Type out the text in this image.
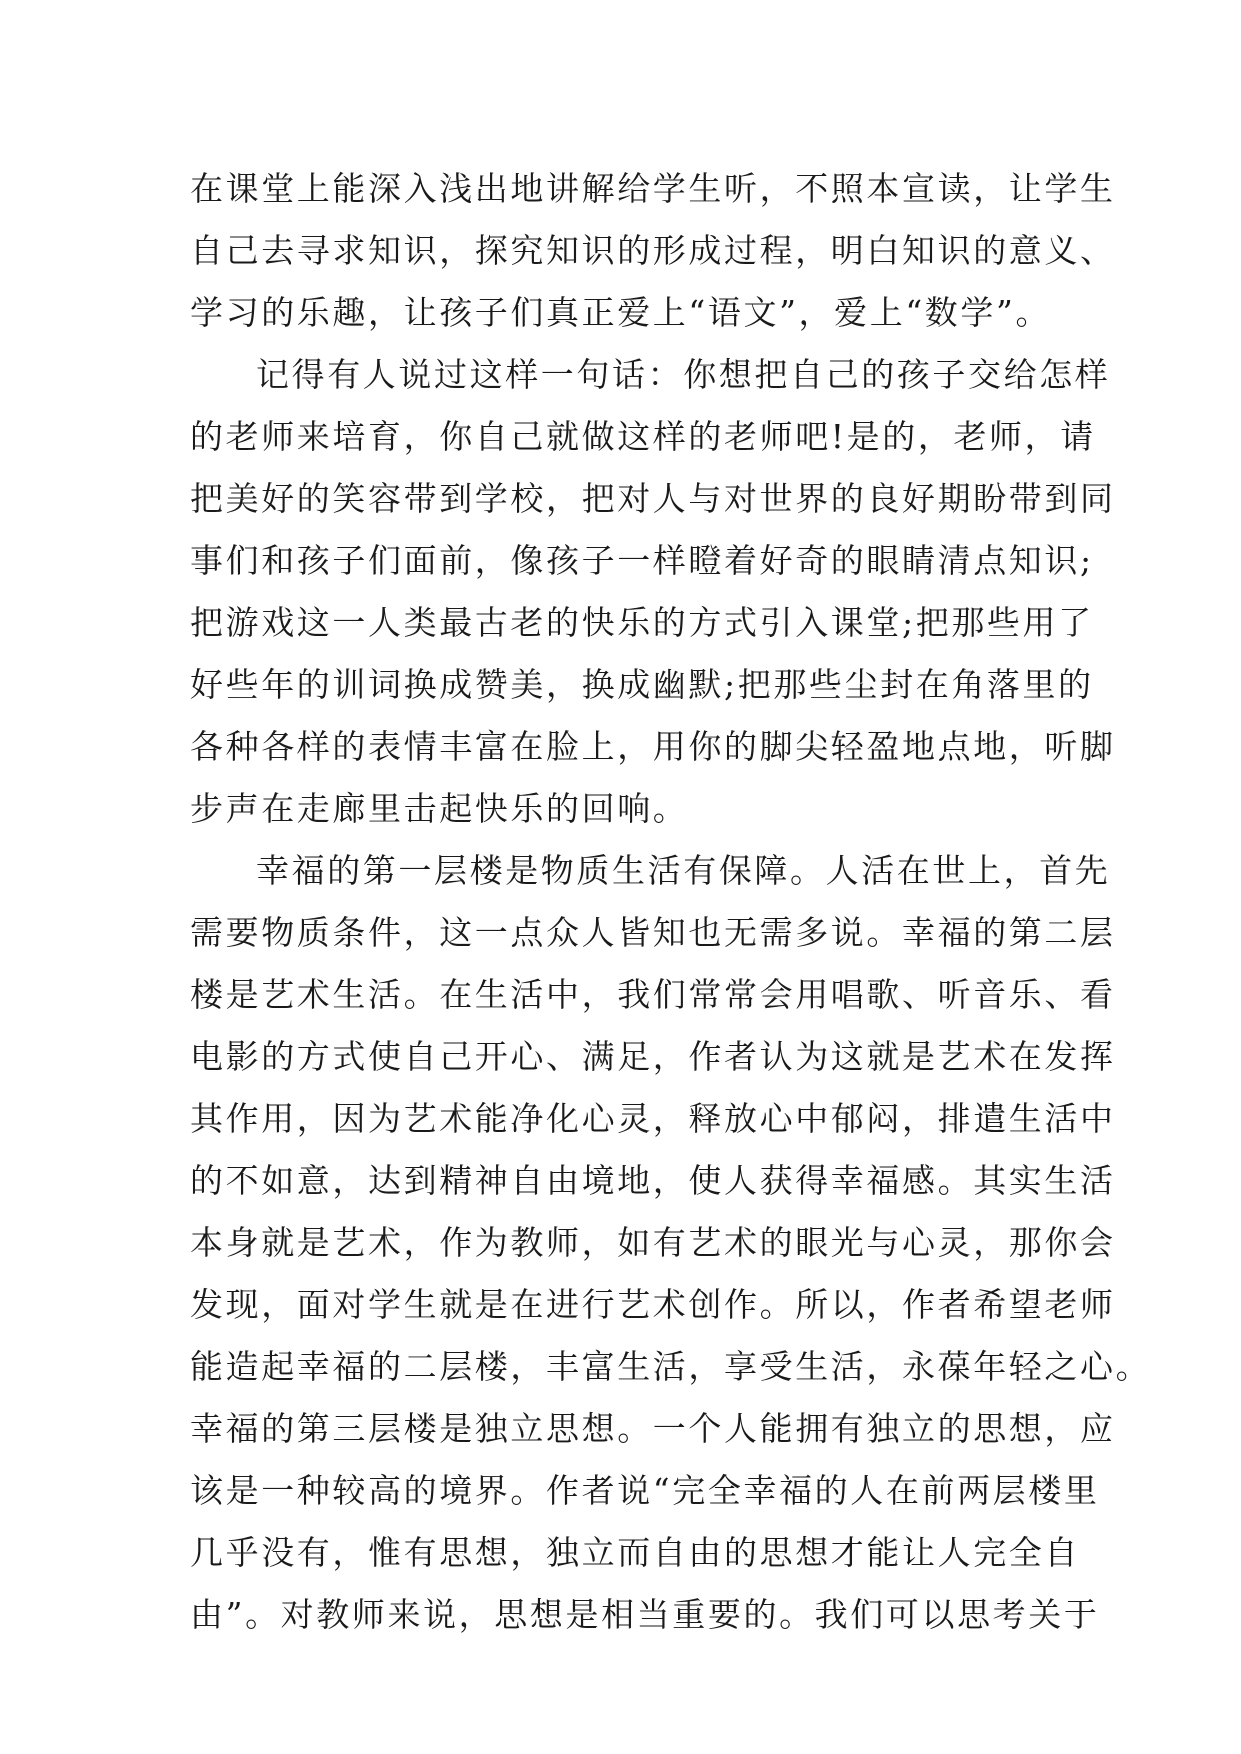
在课堂上能深入浅出地讲解给学生听，不照本宣读，让学生
自己去寻求知识，探究知识的形成过程，明白知识的意义、
学习的乐趣，让孩子们真正爱上“语文”，爱上“数学”。
记得有人说过这样一句话：你想把自己的孩子交给怎样
的老师来培育，你自己就做这样的老师吧!是的，老师，请
把美好的笑容带到学校，把对人与对世界的良好期盼带到同
事们和孩子们面前，像孩子一样瞪着好奇的眼睛清点知识;
把游戏这一人类最古老的快乐的方式引入课堂;把那些用了
好些年的训词换成赞美，换成幽默;把那些尘封在角落里的
各种各样的表情丰富在脸上，用你的脚尖轻盈地点地，听脚
步声在走廊里击起快乐的回响。
幸福的第一层楼是物质生活有保障。人活在世上，首先
需要物质条件，这一点众人皆知也无需多说。幸福的第二层
楼是艺术生活。在生活中，我们常常会用唱歌、听音乐、看
电影的方式使自己开心、满足，作者认为这就是艺术在发挥
其作用，因为艺术能净化心灵，释放心中郁闷，排遣生活中
的不如意，达到精神自由境地，使人获得幸福感。其实生活
本身就是艺术，作为教师，如有艺术的眼光与心灵，那你会
发现，面对学生就是在进行艺术创作。所以，作者希望老师
能造起幸福的二层楼，丰富生活，享受生活，永葆年轻之心。
幸福的第三层楼是独立思想。一个人能拥有独立的思想，应
该是一种较高的境界。作者说“完全幸福的人在前两层楼里
几乎没有，惟有思想，独立而自由的思想才能让人完全自
由”。对教师来说，思想是相当重要的。我们可以思考关于
